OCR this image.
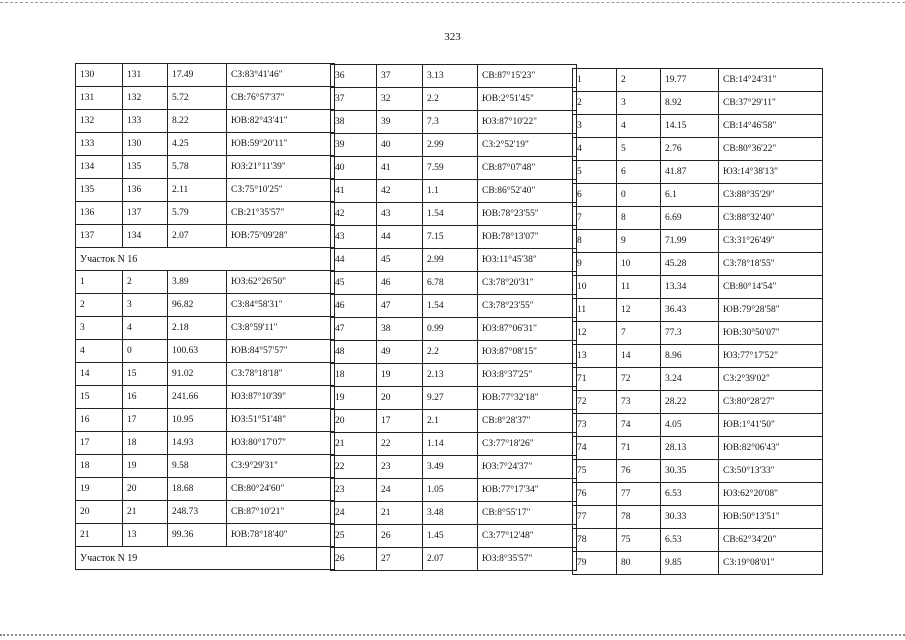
323
130	131	17.49	СЗ:83°41'46"
131	132	5.72	СВ:76°57'37"
132	133	8.22	ЮВ:82°43'41"
133	130	4.25	ЮВ:59°20'11"
134	135	5.78	ЮЗ:21°11'39"
135	136	2.11	СЗ:75°10'25"
136	137	5.79	СВ:21°35'57"
137	134	2.07	ЮВ:75°09'28"
Участок N 16			
1	2	3.89	ЮЗ:62°26'50"
2	3	96.82	СЗ:84°58'31"
3	4	2.18	СЗ:8°59'11"
4	0	100.63	ЮВ:84°57'57"
14	15	91.02	СЗ:78°18'18"
15	16	241.66	ЮЗ:87°10'39"
16	17	10.95	ЮЗ:51°51'48"
17	18	14.93	ЮЗ:80°17'07"
18	19	9.58	СЗ:9°29'31"
19	20	18.68	СВ:80°24'60"
20	21	248.73	СВ:87°10'21"
21	13	99.36	ЮВ:78°18'40"
Участок N 19			
36	37	3.13	СВ:87°15'23"
37	32	2.2	ЮВ:2°51'45"
38	39	7.3	ЮЗ:87°10'22"
39	40	2.99	СЗ:2°52'19"
40	41	7.59	СВ:87°07'48"
41	42	1.1	СВ:86°52'40"
42	43	1.54	ЮВ:78°23'55"
43	44	7.15	ЮВ:78°13'07"
44	45	2.99	ЮЗ:11°45'38"
45	46	6.78	СЗ:78°20'31"
46	47	1.54	СЗ:78°23'55"
47	38	0.99	ЮЗ:87°06'31"
48	49	2.2	ЮЗ:87°08'15"
18	19	2.13	ЮЗ:8°37'25"
19	20	9.27	ЮВ:77°32'18"
20	17	2.1	СВ:8°28'37"
21	22	1.14	СЗ:77°18'26"
22	23	3.49	ЮЗ:7°24'37"
23	24	1.05	ЮВ:77°17'34"
24	21	3.48	СВ:8°55'17"
25	26	1.45	СЗ:77°12'48"
26	27	2.07	ЮЗ:8°35'57"
1	2	19.77	СВ:14°24'31"
2	3	8.92	СВ:37°29'11"
3	4	14.15	СВ:14°46'58"
4	5	2.76	СВ:80°36'22"
5	6	41.87	ЮЗ:14°38'13"
6	0	6.1	СЗ:88°35'29"
7	8	6.69	СЗ:88°32'40"
8	9	71.99	СЗ:31°26'49"
9	10	45.28	СЗ:78°18'55"
10	11	13.34	СВ:80°14'54"
11	12	36.43	ЮВ:79°28'58"
12	7	77.3	ЮВ:30°50'07"
13	14	8.96	ЮЗ:77°17'52"
71	72	3.24	СЗ:2°39'02"
72	73	28.22	СЗ:80°28'27"
73	74	4.05	ЮВ:1°41'50"
74	71	28.13	ЮВ:82°06'43"
75	76	30.35	СЗ:50°13'33"
76	77	6.53	ЮЗ:62°20'08"
77	78	30.33	ЮВ:50°13'51"
78	75	6.53	СВ:62°34'20"
79	80	9.85	СЗ:19°08'01"
